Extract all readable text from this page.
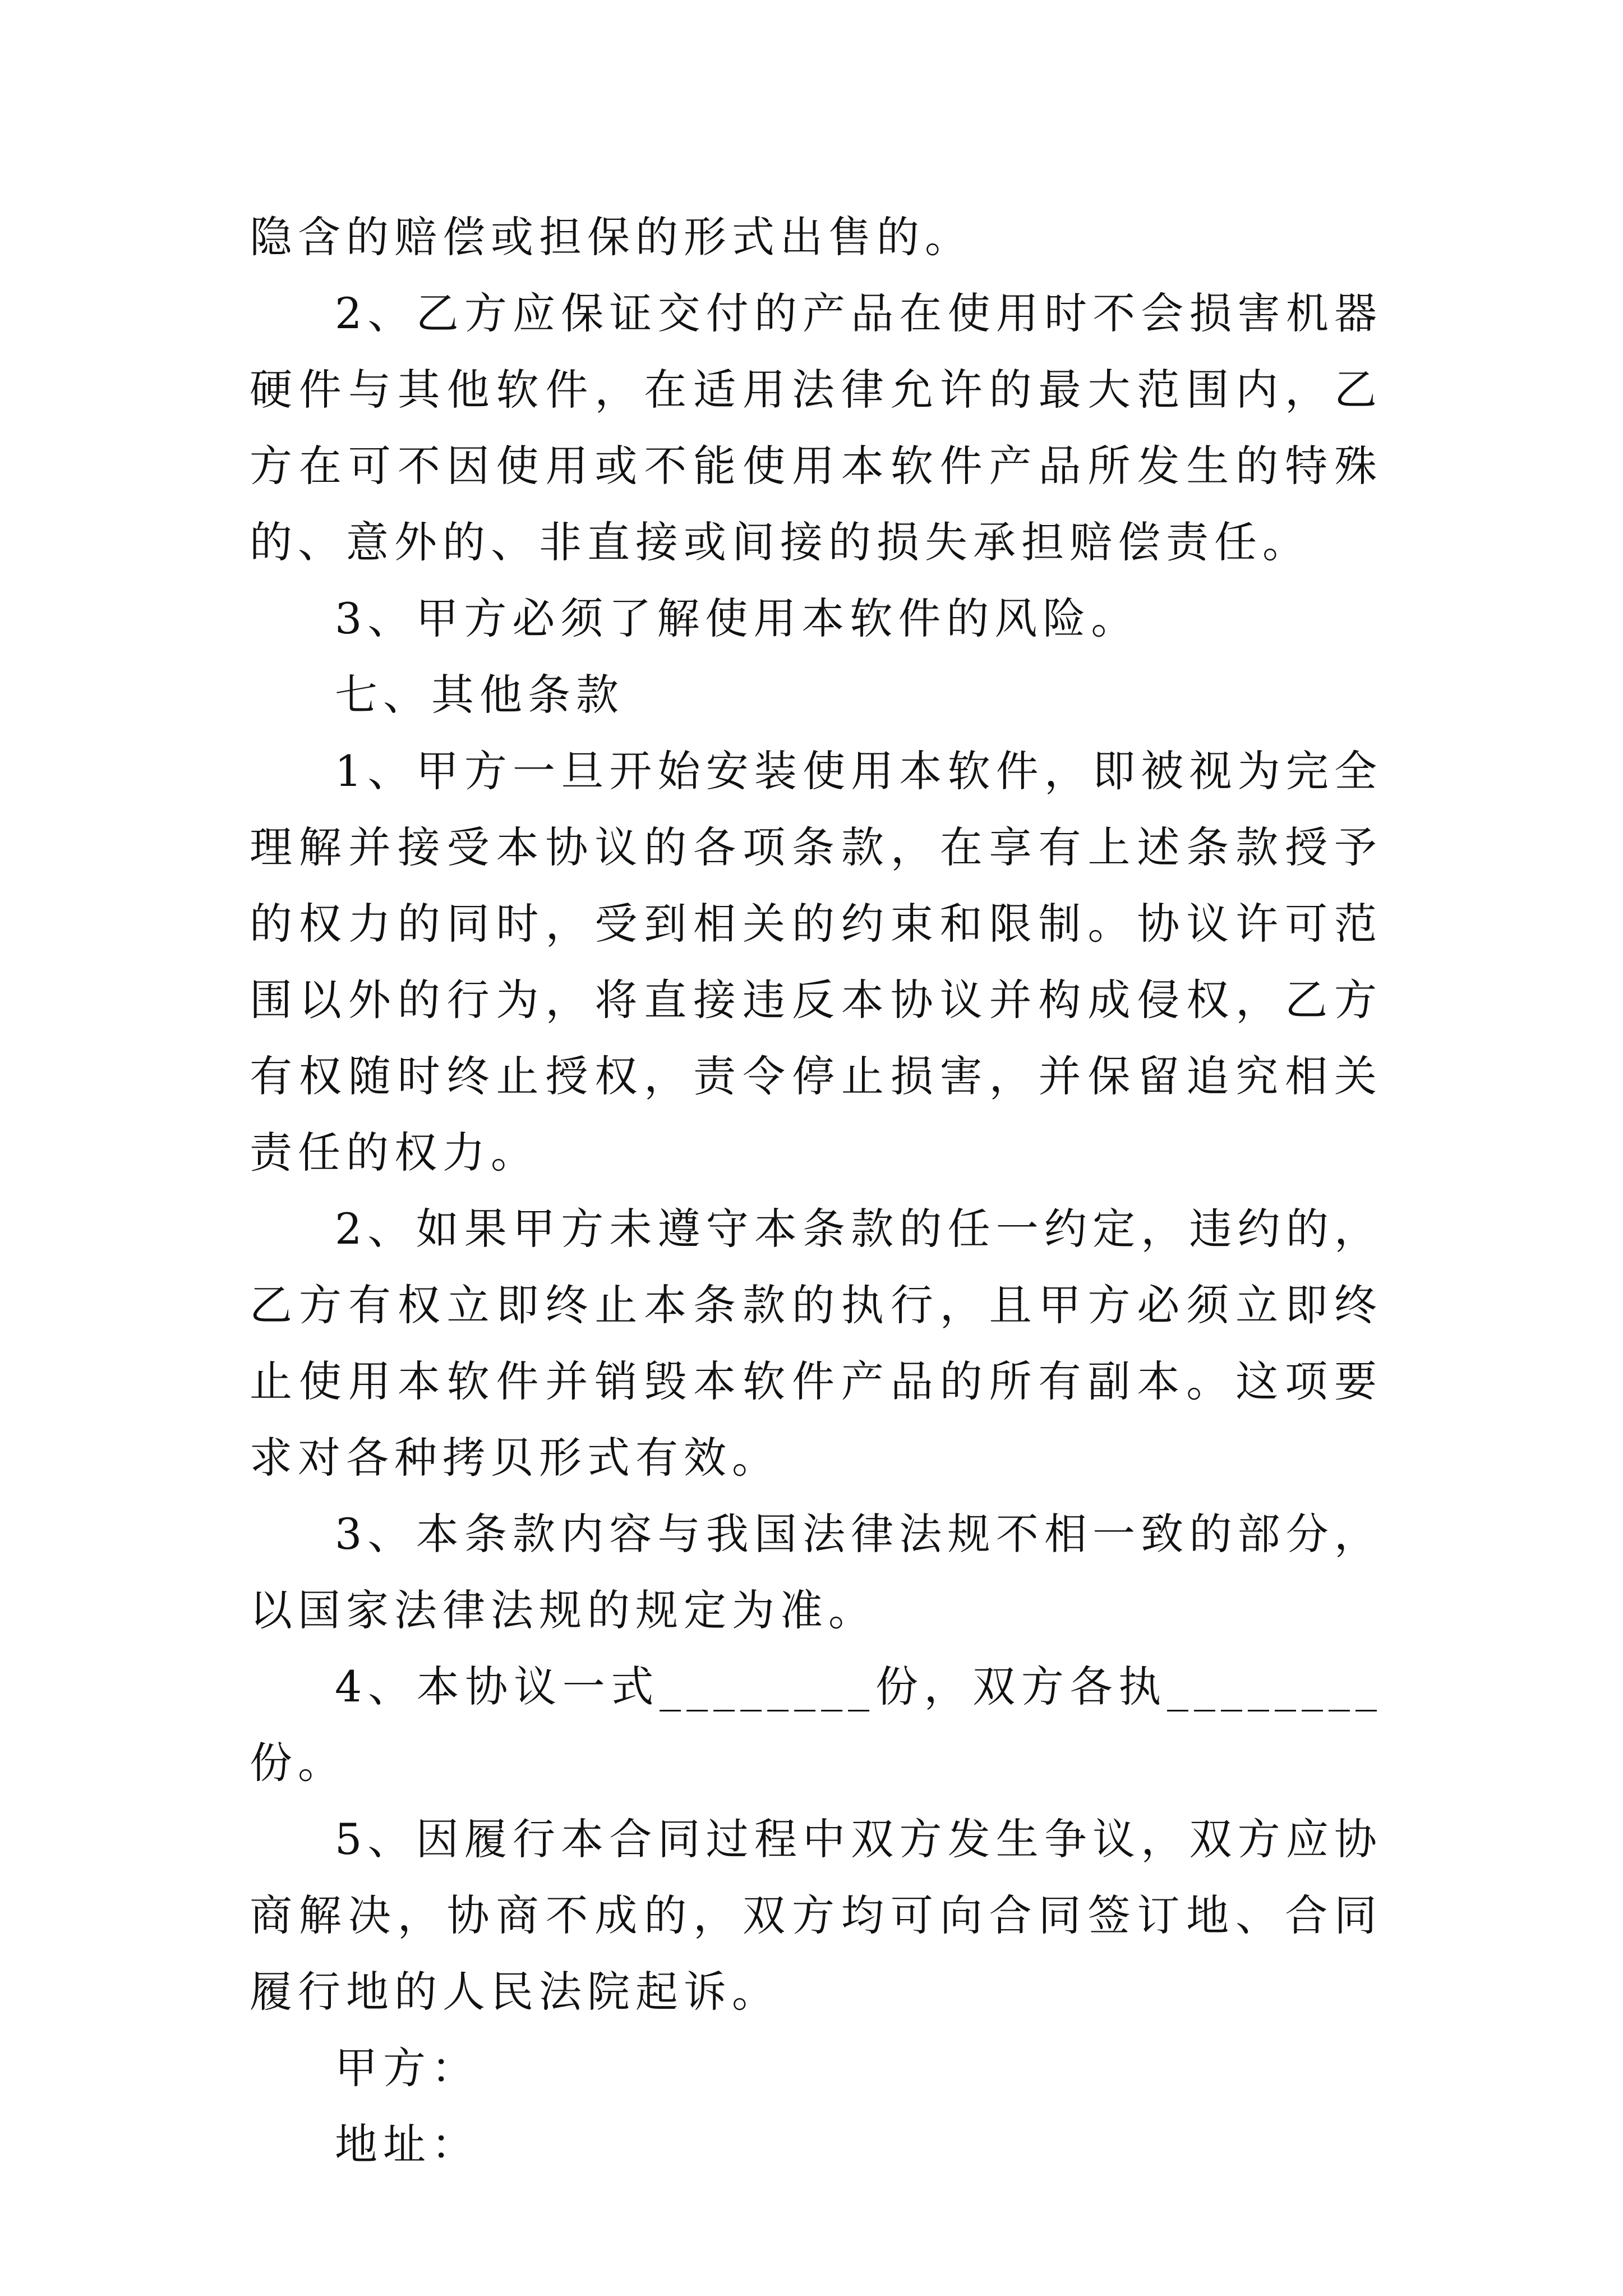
隐含的赔偿或担保的形式出售的。

2、乙方应保证交付的产品在使用时不会损害机器硬件与其他软件，在适用法律允许的最大范围内，乙方在可不因使用或不能使用本软件产品所发生的特殊的、意外的、非直接或间接的损失承担赔偿责任。

3、甲方必须了解使用本软件的风险。

七、其他条款

1、甲方一旦开始安装使用本软件，即被视为完全理解并接受本协议的各项条款，在享有上述条款授予的权力的同时，受到相关的约束和限制。协议许可范围以外的行为，将直接违反本协议并构成侵权，乙方有权随时终止授权，责令停止损害，并保留追究相关责任的权力。

2、如果甲方未遵守本条款的任一约定，违约的，乙方有权立即终止本条款的执行，且甲方必须立即终止使用本软件并销毁本软件产品的所有副本。这项要求对各种拷贝形式有效。

3、本条款内容与我国法律法规不相一致的部分，以国家法律法规的规定为准。

4、本协议一式________份，双方各执________份。

5、因履行本合同过程中双方发生争议，双方应协商解决，协商不成的，双方均可向合同签订地、合同履行地的人民法院起诉。

甲方：

地址：
